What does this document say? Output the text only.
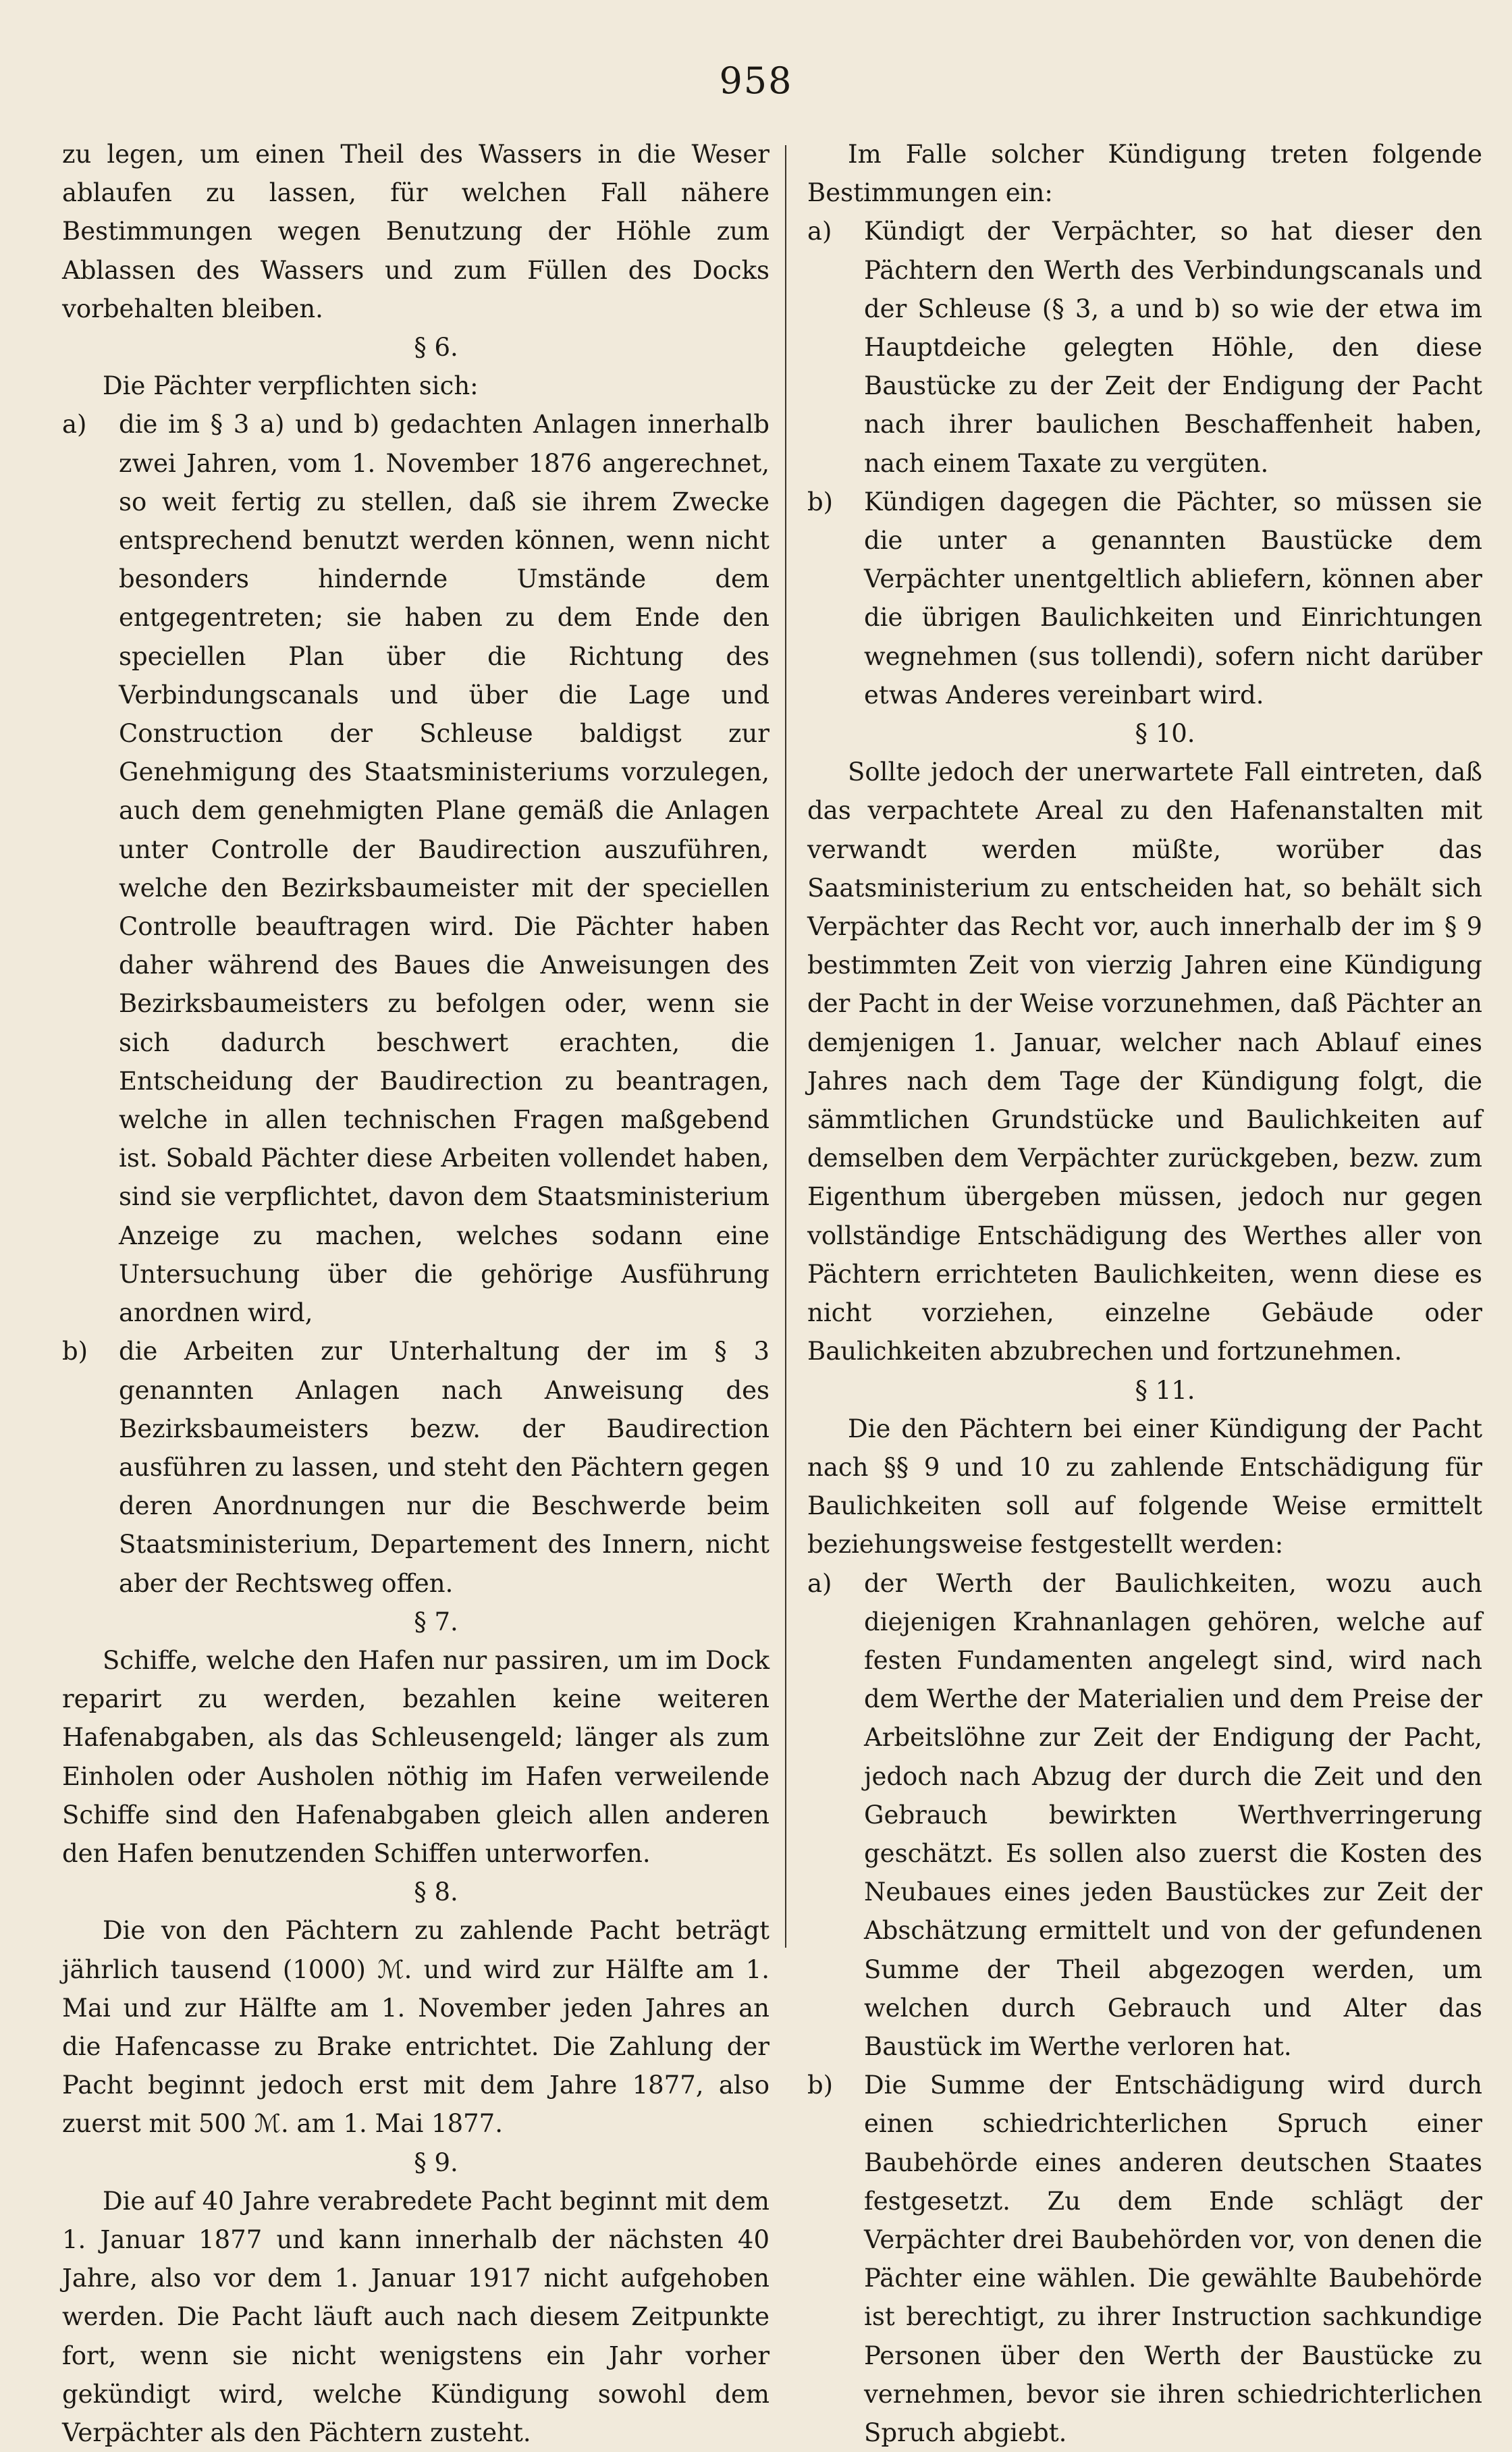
958

zu legen, um einen Theil des Wassers in die Weser ablaufen zu lassen, für welchen Fall nähere Bestimmungen wegen Benutzung der Höhle zum Ablassen des Wassers und zum Füllen des Docks vorbehalten bleiben.

§ 6.

Die Pächter verpflichten sich:

a)	die im § 3 a) und b) gedachten Anlagen innerhalb zwei Jahren, vom 1. November 1876 angerechnet, so weit fertig zu stellen, daß sie ihrem Zwecke entsprechend benutzt werden können, wenn nicht besonders hindernde Umstände dem entgegentreten; sie haben zu dem Ende den speciellen Plan über die Richtung des Verbindungscanals und über die Lage und Construction der Schleuse baldigst zur Genehmigung des Staatsministeriums vorzulegen, auch dem genehmigten Plane gemäß die Anlagen unter Controlle der Baudirection auszuführen, welche den Bezirksbaumeister mit der speciellen Controlle beauftragen wird. Die Pächter haben daher während des Baues die Anweisungen des Bezirksbaumeisters zu befolgen oder, wenn sie sich dadurch beschwert erachten, die Entscheidung der Baudirection zu beantragen, welche in allen technischen Fragen maßgebend ist. Sobald Pächter diese Arbeiten vollendet haben, sind sie verpflichtet, davon dem Staatsministerium Anzeige zu machen, welches sodann eine Untersuchung über die gehörige Ausführung anordnen wird,
b)	die Arbeiten zur Unterhaltung der im § 3 genannten Anlagen nach Anweisung des Bezirksbaumeisters bezw. der Baudirection ausführen zu lassen, und steht den Pächtern gegen deren Anordnungen nur die Beschwerde beim Staatsministerium, Departement des Innern, nicht aber der Rechtsweg offen.

§ 7.

Schiffe, welche den Hafen nur passiren, um im Dock reparirt zu werden, bezahlen keine weiteren Hafenabgaben, als das Schleusengeld; länger als zum Einholen oder Ausholen nöthig im Hafen verweilende Schiffe sind den Hafenabgaben gleich allen anderen den Hafen benutzenden Schiffen unterworfen.

§ 8.

Die von den Pächtern zu zahlende Pacht beträgt jährlich tausend (1000) ℳ. und wird zur Hälfte am 1. Mai und zur Hälfte am 1. November jeden Jahres an die Hafencasse zu Brake entrichtet. Die Zahlung der Pacht beginnt jedoch erst mit dem Jahre 1877, also zuerst mit 500 ℳ. am 1. Mai 1877.

§ 9.

Die auf 40 Jahre verabredete Pacht beginnt mit dem 1. Januar 1877 und kann innerhalb der nächsten 40 Jahre, also vor dem 1. Januar 1917 nicht aufgehoben werden. Die Pacht läuft auch nach diesem Zeitpunkte fort, wenn sie nicht wenigstens ein Jahr vorher gekündigt wird, welche Kündigung sowohl dem Verpächter als den Pächtern zusteht.

Im Falle solcher Kündigung treten folgende Bestimmungen ein:

a)	Kündigt der Verpächter, so hat dieser den Pächtern den Werth des Verbindungscanals und der Schleuse (§ 3, a und b) so wie der etwa im Hauptdeiche gelegten Höhle, den diese Baustücke zu der Zeit der Endigung der Pacht nach ihrer baulichen Beschaffenheit haben, nach einem Taxate zu vergüten.
b)	Kündigen dagegen die Pächter, so müssen sie die unter a genannten Baustücke dem Verpächter unentgeltlich abliefern, können aber die übrigen Baulichkeiten und Einrichtungen wegnehmen (sus tollendi), sofern nicht darüber etwas Anderes vereinbart wird.

§ 10.

Sollte jedoch der unerwartete Fall eintreten, daß das verpachtete Areal zu den Hafenanstalten mit verwandt werden müßte, worüber das Saatsministerium zu entscheiden hat, so behält sich Verpächter das Recht vor, auch innerhalb der im § 9 bestimmten Zeit von vierzig Jahren eine Kündigung der Pacht in der Weise vorzunehmen, daß Pächter an demjenigen 1. Januar, welcher nach Ablauf eines Jahres nach dem Tage der Kündigung folgt, die sämmtlichen Grundstücke und Baulichkeiten auf demselben dem Verpächter zurückgeben, bezw. zum Eigenthum übergeben müssen, jedoch nur gegen vollständige Entschädigung des Werthes aller von Pächtern errichteten Baulichkeiten, wenn diese es nicht vorziehen, einzelne Gebäude oder Baulichkeiten abzubrechen und fortzunehmen.

§ 11.

Die den Pächtern bei einer Kündigung der Pacht nach §§ 9 und 10 zu zahlende Entschädigung für Baulichkeiten soll auf folgende Weise ermittelt beziehungsweise festgestellt werden:

a)	der Werth der Baulichkeiten, wozu auch diejenigen Krahnanlagen gehören, welche auf festen Fundamenten angelegt sind, wird nach dem Werthe der Materialien und dem Preise der Arbeitslöhne zur Zeit der Endigung der Pacht, jedoch nach Abzug der durch die Zeit und den Gebrauch bewirkten Werthverringerung geschätzt. Es sollen also zuerst die Kosten des Neubaues eines jeden Baustückes zur Zeit der Abschätzung ermittelt und von der gefundenen Summe der Theil abgezogen werden, um welchen durch Gebrauch und Alter das Baustück im Werthe verloren hat.
b)	Die Summe der Entschädigung wird durch einen schiedrichterlichen Spruch einer Baubehörde eines anderen deutschen Staates festgesetzt. Zu dem Ende schlägt der Verpächter drei Baubehörden vor, von denen die Pächter eine wählen. Die gewählte Baubehörde ist berechtigt, zu ihrer Instruction sachkundige Personen über den Werth der Baustücke zu vernehmen, bevor sie ihren schiedrichterlichen Spruch abgiebt.
